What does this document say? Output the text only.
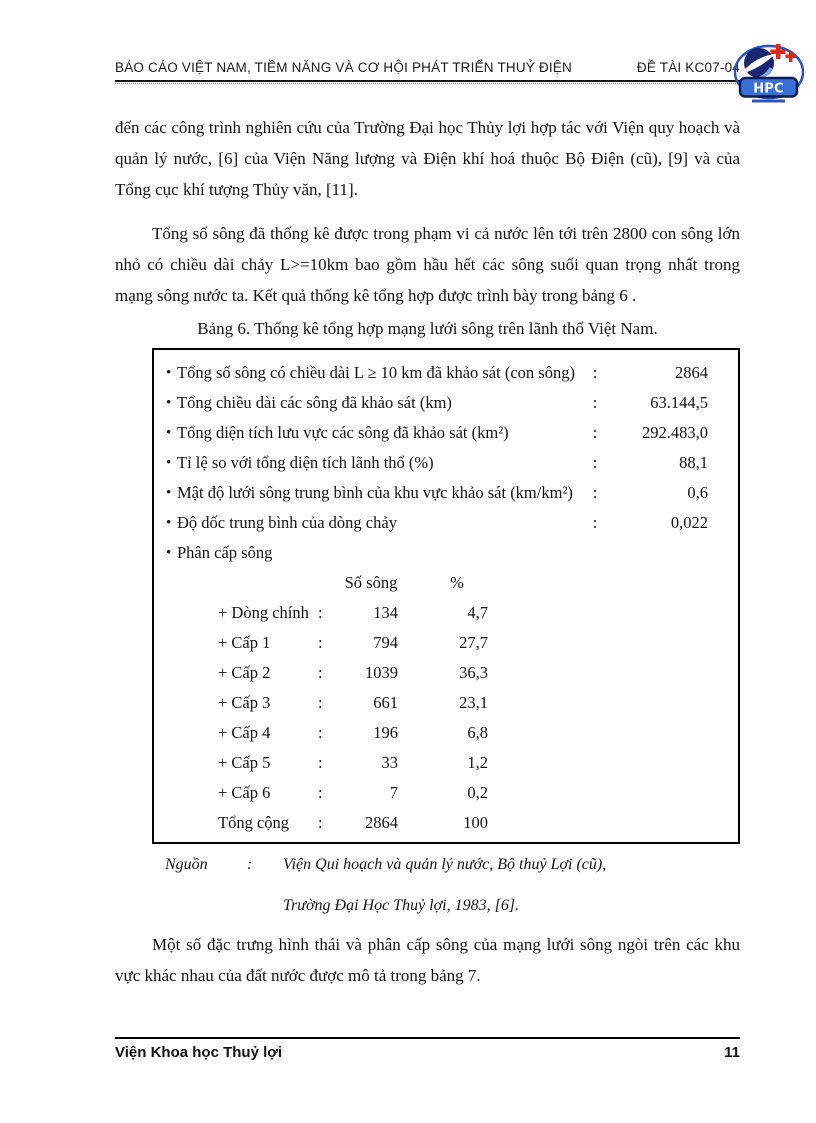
BÁO CÁO VIỆT NAM, TIỀM NĂNG VÀ CƠ HỘI PHÁT TRIỂN THUỶ ĐIỆN	ĐỀ TÀI KC07-04
HPC

đến các công trình nghiên cứu của Trường Đại học Thủy lợi hợp tác với Viện quy hoạch và quản lý nước, [6] của Viện Năng lượng và Điện khí hoá thuộc Bộ Điện (cũ), [9] và của Tổng cục khí tượng Thủy văn, [11].

Tổng số sông đã thống kê được trong phạm vi cả nước lên tới trên 2800 con sông lớn nhỏ có chiều dài chảy L>=10km bao gồm hầu hết các sông suối quan trọng nhất trong mạng sông nước ta. Kết quả thống kê tổng hợp được trình bày trong bảng 6 .

Bảng 6. Thống kê tổng hợp mạng lưới sông trên lãnh thổ Việt Nam.
• Tổng số sông có chiều dài L ≥ 10 km đã khảo sát (con sông)	:	2864
• Tổng chiều dài các sông đã khảo sát (km)	:	63.144,5
• Tổng diện tích lưu vực các sông đã khảo sát (km²)	:	292.483,0
• Tỉ lệ so với tổng diện tích lãnh thổ (%)	:	88,1
• Mật độ lưới sông trung bình của khu vực khảo sát (km/km²)	:	0,6
• Độ dốc trung bình của dòng chảy	:	0,022
• Phân cấp sông
Số sông	%
+ Dòng chính :	134	4,7
+ Cấp 1	:	794	27,7
+ Cấp 2	:	1039	36,3
+ Cấp 3	:	661	23,1
+ Cấp 4	:	196	6,8
+ Cấp 5	:	33	1,2
+ Cấp 6	:	7	0,2
Tổng cộng	:	2864	100
Nguồn	:	Viện Qui hoạch và quản lý nước, Bộ thuỷ Lợi (cũ),
Trường Đại Học Thuỷ lợi, 1983, [6].

Một số đặc trưng hình thái và phân cấp sông của mạng lưới sông ngòi trên các khu vực khác nhau của đất nước được mô tả trong bảng 7.

Viện Khoa học Thuỷ lợi	11
